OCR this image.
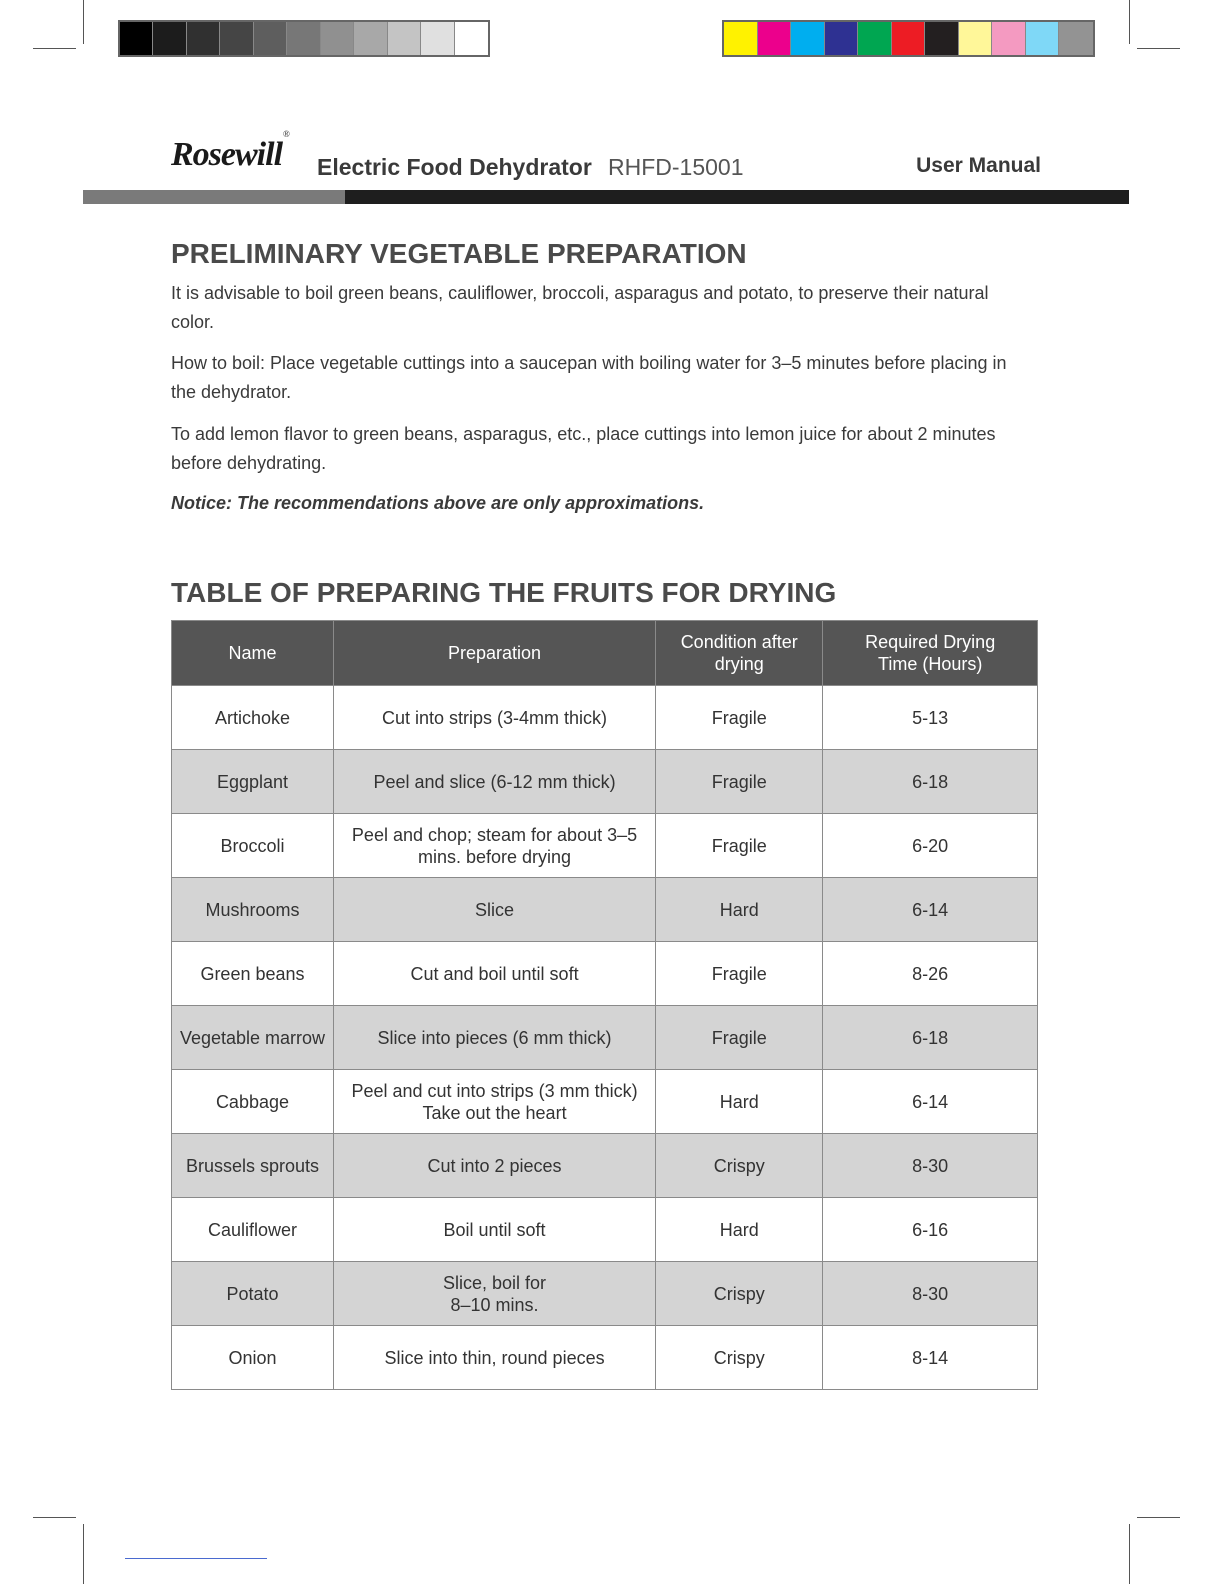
Rosewill®
Electric Food Dehydrator RHFD-15001	User Manual
PRELIMINARY VEGETABLE PREPARATION

It is advisable to boil green beans, cauliflower, broccoli, asparagus and potato, to preserve their natural color.

How to boil: Place vegetable cuttings into a saucepan with boiling water for 3–5 minutes before placing in the dehydrator.

To add lemon flavor to green beans, asparagus, etc., place cuttings into lemon juice for about 2 minutes before dehydrating.

Notice: The recommendations above are only approximations.

TABLE OF PREPARING THE FRUITS FOR DRYING
Name	Preparation	Condition after drying	Required Drying Time (Hours)
Artichoke	Cut into strips (3-4mm thick)	Fragile	5-13
Eggplant	Peel and slice (6-12 mm thick)	Fragile	6-18
Broccoli	Peel and chop; steam for about 3–5 mins. before drying	Fragile	6-20
Mushrooms	Slice	Hard	6-14
Green beans	Cut and boil until soft	Fragile	8-26
Vegetable marrow	Slice into pieces (6 mm thick)	Fragile	6-18
Cabbage	Peel and cut into strips (3 mm thick) Take out the heart	Hard	6-14
Brussels sprouts	Cut into 2 pieces	Crispy	8-30
Cauliflower	Boil until soft	Hard	6-16
Potato	Slice, boil for 8–10 mins.	Crispy	8-30
Onion	Slice into thin, round pieces	Crispy	8-14
